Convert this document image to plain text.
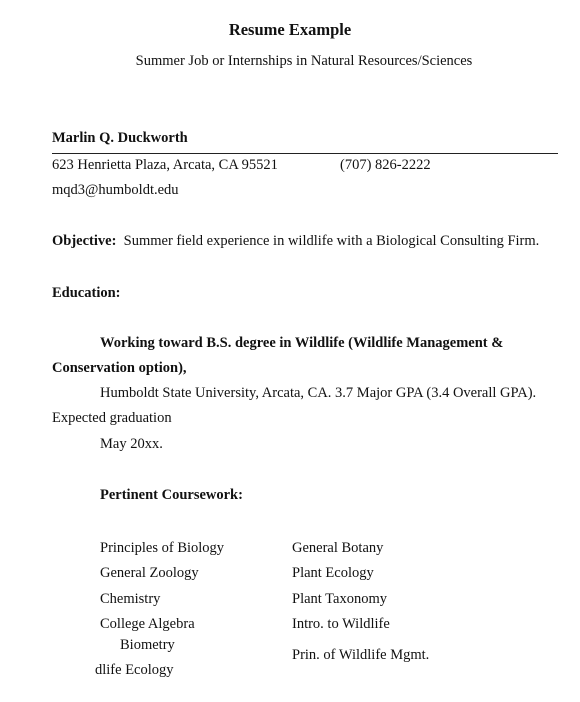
Resume Example
Summer Job or Internships in Natural Resources/Sciences
Marlin Q. Duckworth
623 Henrietta Plaza, Arcata, CA 95521	(707) 826-2222
mqd3@humboldt.edu
Objective: Summer field experience in wildlife with a Biological Consulting Firm.
Education:
Working toward B.S. degree in Wildlife (Wildlife Management &
Conservation option),
Humboldt State University, Arcata, CA. 3.7 Major GPA (3.4 Overall GPA).
Expected graduation
May 20xx.
Pertinent Coursework:
Principles of Biology
General Zoology
Chemistry
College Algebra
Biometry
dlife Ecology
General Botany
Plant Ecology
Plant Taxonomy
Intro. to Wildlife
Prin. of Wildlife Mgmt.
